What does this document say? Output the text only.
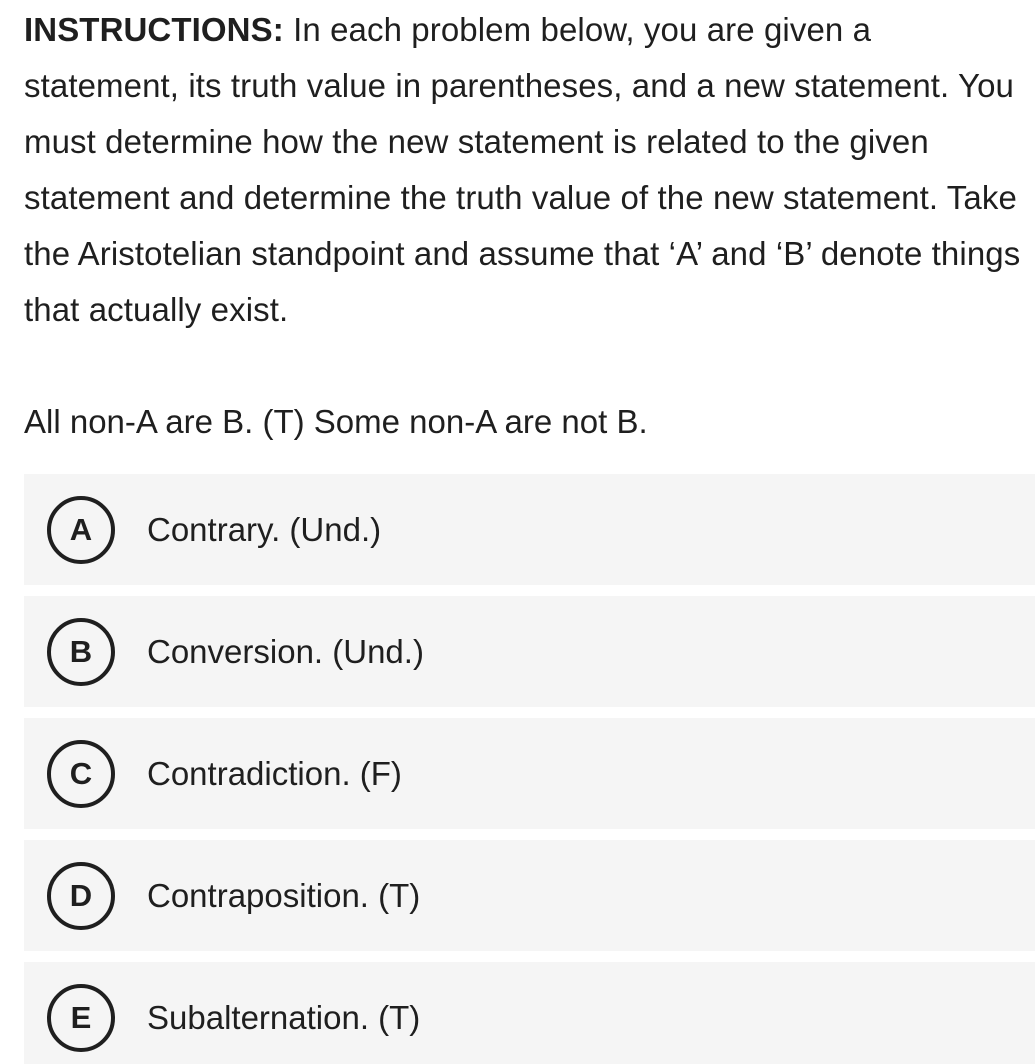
INSTRUCTIONS: In each problem below, you are given a statement, its truth value in parentheses, and a new statement. You must determine how the new statement is related to the given statement and determine the truth value of the new statement. Take the Aristotelian standpoint and assume that ‘A’ and ‘B’ denote things that actually exist.
All non-A are B. (T) Some non-A are not B.
A	Contrary. (Und.)
B	Conversion. (Und.)
C	Contradiction. (F)
D	Contraposition. (T)
E	Subalternation. (T)
